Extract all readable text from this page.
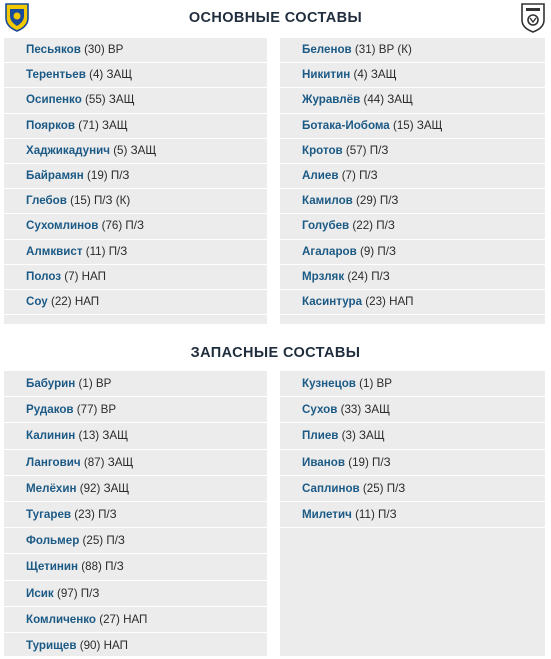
ОСНОВНЫЕ СОСТАВЫ
Песьяков (30) ВР
Терентьев (4) ЗАЩ
Осипенко (55) ЗАЩ
Поярков (71) ЗАЩ
Хаджикадунич (5) ЗАЩ
Байрамян (19) П/З
Глебов (15) П/З (К)
Сухомлинов (76) П/З
Алмквист (11) П/З
Полоз (7) НАП
Соу (22) НАП
Беленов (31) ВР (К)
Никитин (4) ЗАЩ
Журавлёв (44) ЗАЩ
Ботака-Иобома (15) ЗАЩ
Кротов (57) П/З
Алиев (7) П/З
Камилов (29) П/З
Голубев (22) П/З
Агаларов (9) П/З
Мрзляк (24) П/З
Касинтура (23) НАП
ЗАПАСНЫЕ СОСТАВЫ
Бабурин (1) ВР
Рудаков (77) ВР
Калинин (13) ЗАЩ
Лангович (87) ЗАЩ
Мелёхин (92) ЗАЩ
Тугарев (23) П/З
Фольмер (25) П/З
Щетинин (88) П/З
Исик (97) П/З
Комличенко (27) НАП
Турищев (90) НАП
Кузнецов (1) ВР
Сухов (33) ЗАЩ
Плиев (3) ЗАЩ
Иванов (19) П/З
Саплинов (25) П/З
Милетич (11) П/З
